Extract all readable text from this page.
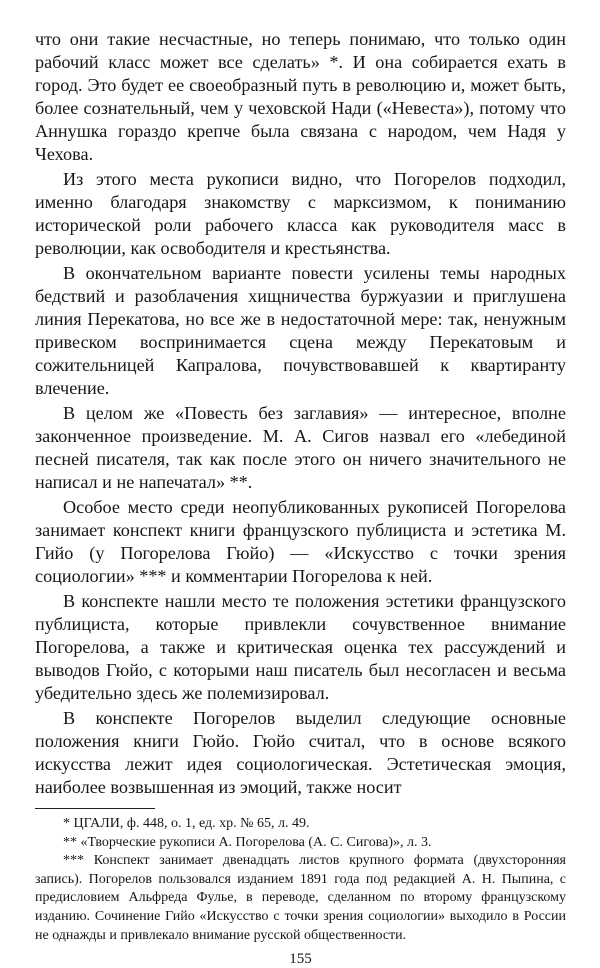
что они такие несчастные, но теперь понимаю, что только один рабочий класс может все сделать» *. И она собирается ехать в город. Это будет ее своеобразный путь в революцию и, может быть, более сознательный, чем у чеховской Нади («Невеста»), потому что Аннушка гораздо крепче была связана с народом, чем Надя у Чехова.

Из этого места рукописи видно, что Погорелов подходил, именно благодаря знакомству с марксизмом, к пониманию исторической роли рабочего класса как руководителя масс в революции, как освободителя и крестьянства.

В окончательном варианте повести усилены темы народных бедствий и разоблачения хищничества буржуазии и приглушена линия Перекатова, но все же в недостаточной мере: так, ненужным привеском воспринимается сцена между Перекатовым и сожительницей Капралова, почувствовавшей к квартиранту влечение.

В целом же «Повесть без заглавия» — интересное, вполне законченное произведение. М. А. Сигов назвал его «лебединой песней писателя, так как после этого он ничего значительного не написал и не напечатал» **.

Особое место среди неопубликованных рукописей Погорелова занимает конспект книги французского публициста и эстетика М. Гийо (у Погорелова Гюйо) — «Искусство с точки зрения социологии» *** и комментарии Погорелова к ней.

В конспекте нашли место те положения эстетики французского публициста, которые привлекли сочувственное внимание Погорелова, а также и критическая оценка тех рассуждений и выводов Гюйо, с которыми наш писатель был несогласен и весьма убедительно здесь же полемизировал.

В конспекте Погорелов выделил следующие основные положения книги Гюйо. Гюйо считал, что в основе всякого искусства лежит идея социологическая. Эстетическая эмоция, наиболее возвышенная из эмоций, также носит

* ЦГАЛИ, ф. 448, о. 1, ед. хр. № 65, л. 49.

** «Творческие рукописи А. Погорелова (А. С. Сигова)», л. 3.

*** Конспект занимает двенадцать листов крупного формата (двухсторонняя запись). Погорелов пользовался изданием 1891 года под редакцией А. Н. Пыпина, с предисловием Альфреда Фулье, в переводе, сделанном по второму французскому изданию. Сочинение Гийо «Искусство с точки зрения социологии» выходило в России не однажды и привлекало внимание русской общественности.

155
